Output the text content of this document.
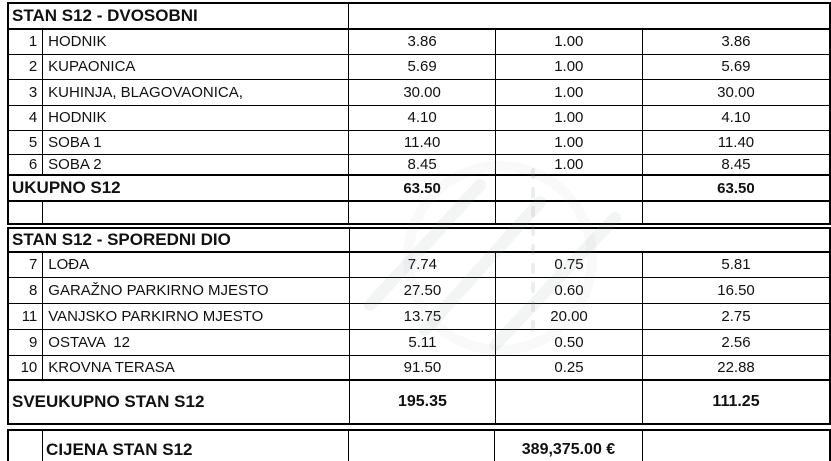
STAN S12 - DVOSOBNI				
1	HODNIK	3.86	1.00	3.86
2	KUPAONICA	5.69	1.00	5.69
3	KUHINJA, BLAGOVAONICA,	30.00	1.00	30.00
4	HODNIK	4.10	1.00	4.10
5	SOBA 1	11.40	1.00	11.40
6	SOBA 2	8.45	1.00	8.45
UKUPNO S12		63.50		63.50

STAN S12 - SPOREDNI DIO				
7	LOĐA	7.74	0.75	5.81
8	GARAŽNO PARKIRNO MJESTO	27.50	0.60	16.50
11	VANJSKO PARKIRNO MJESTO	13.75	20.00	2.75
9	OSTAVA  12	5.11	0.50	2.56
10	KROVNA TERASA	91.50	0.25	22.88
SVEUKUPNO STAN S12		195.35		111.25
	CIJENA STAN S12		389,375.00 €	
